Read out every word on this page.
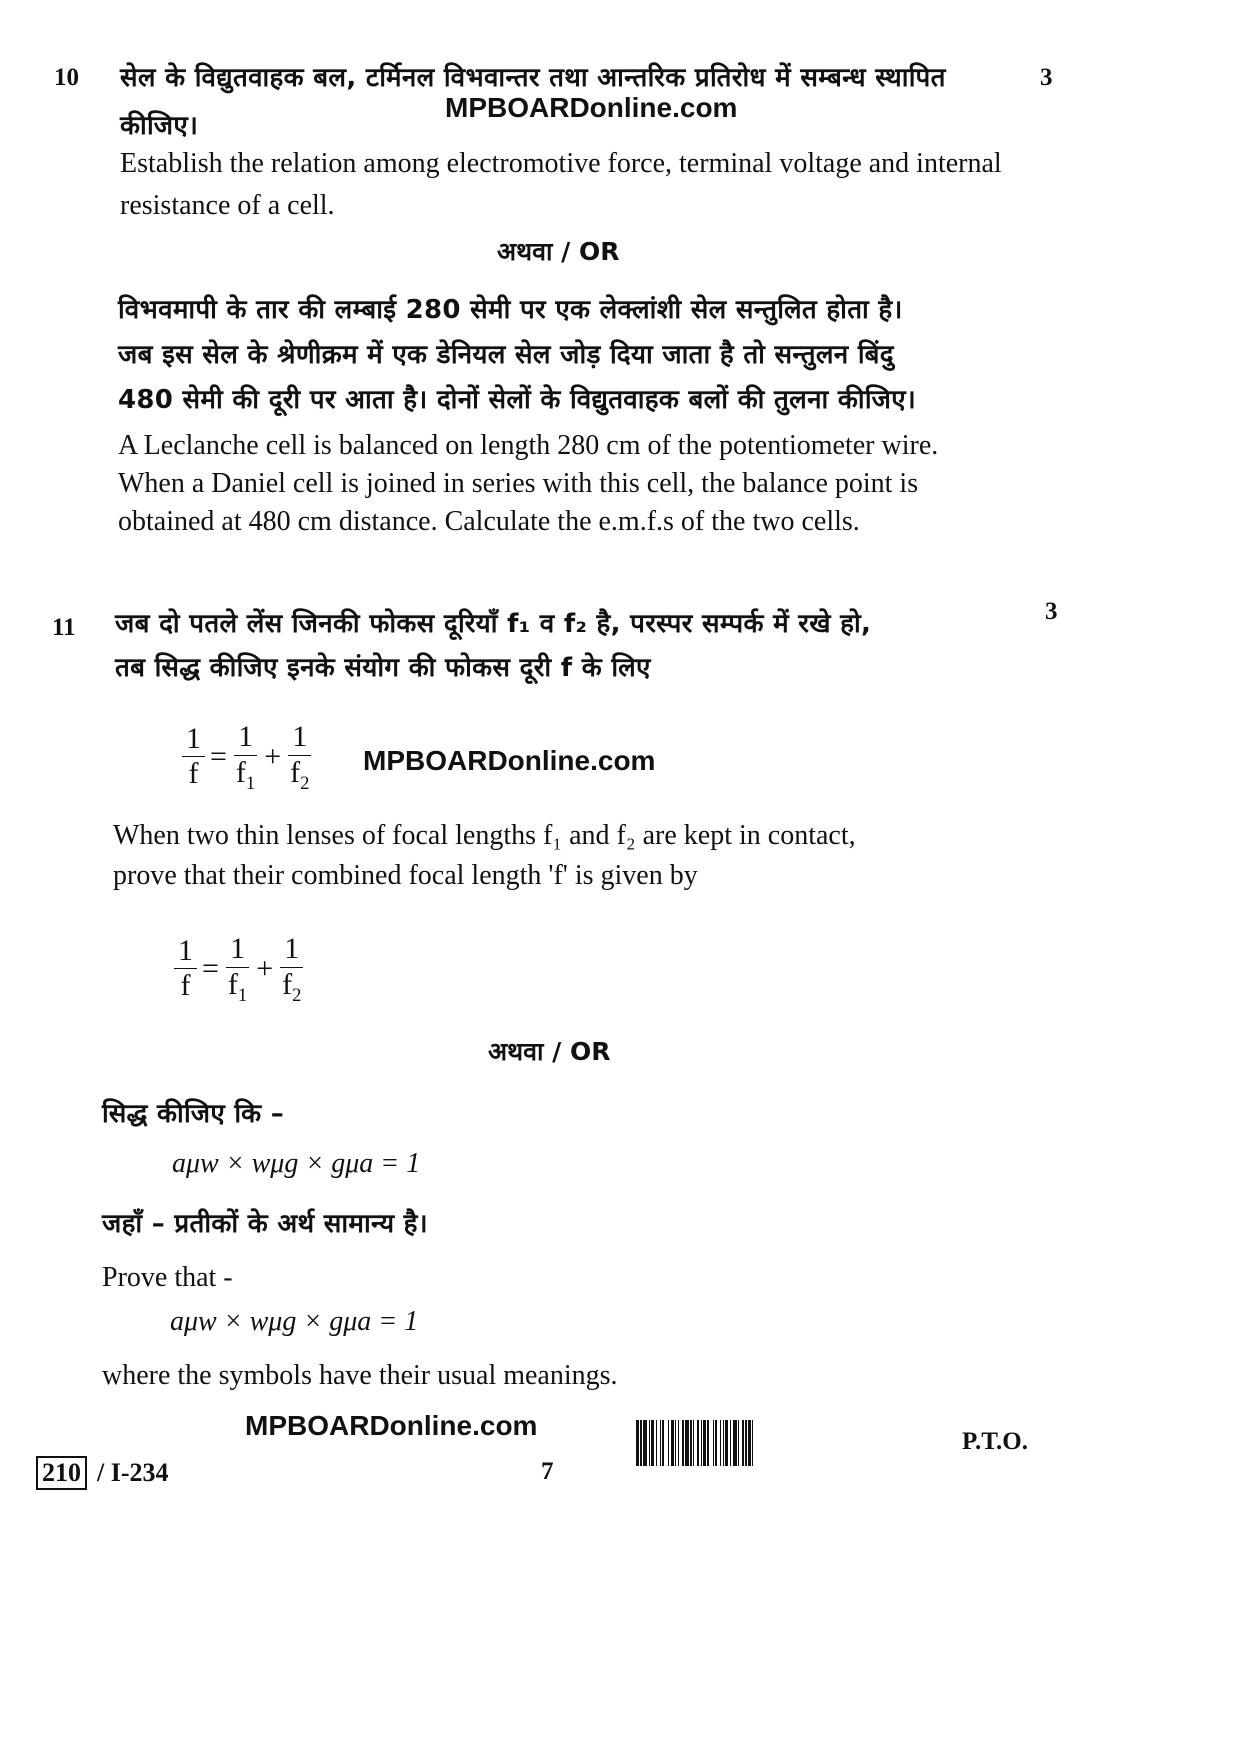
10	3
सेल के विद्युतवाहक बल, टर्मिनल विभवान्तर तथा आन्तरिक प्रतिरोध में सम्बन्ध स्थापित
कीजिए।
MPBOARDonline.com
Establish the relation among electromotive force, terminal voltage and internal
resistance of a cell.
अथवा / OR
विभवमापी के तार की लम्बाई 280 सेमी पर एक लेक्लांशी सेल सन्तुलित होता है।
जब इस सेल के श्रेणीक्रम में एक डेनियल सेल जोड़ दिया जाता है तो सन्तुलन बिंदु
480 सेमी की दूरी पर आता है। दोनों सेलों के विद्युतवाहक बलों की तुलना कीजिए।
A Leclanche cell is balanced on length 280 cm of the potentiometer wire.
When a Daniel cell is joined in series with this cell, the balance point is
obtained at 480 cm distance. Calculate the e.m.f.s of the two cells.
11
3
जब दो पतले लेंस जिनकी फोकस दूरियाँ f₁ व f₂ है, परस्पर सम्पर्क में रखे हो,
तब सिद्ध कीजिए इनके संयोग की फोकस दूरी f के लिए
$\frac{1}{f} = \frac{1}{f_1} + \frac{1}{f_2}$ MPBOARDonline.com
When two thin lenses of focal lengths f₁ and f₂ are kept in contact,
prove that their combined focal length 'f' is given by
$\frac{1}{f} = \frac{1}{f_1} + \frac{1}{f_2}$
अथवा / OR
सिद्ध कीजिए कि –
aμw × wμg × gμa = 1
जहाँ – प्रतीकों के अर्थ सामान्य है।
Prove that -
aμw × wμg × gμa = 1
where the symbols have their usual meanings.
MPBOARDonline.com
210 / I-234	7
P.T.O.
